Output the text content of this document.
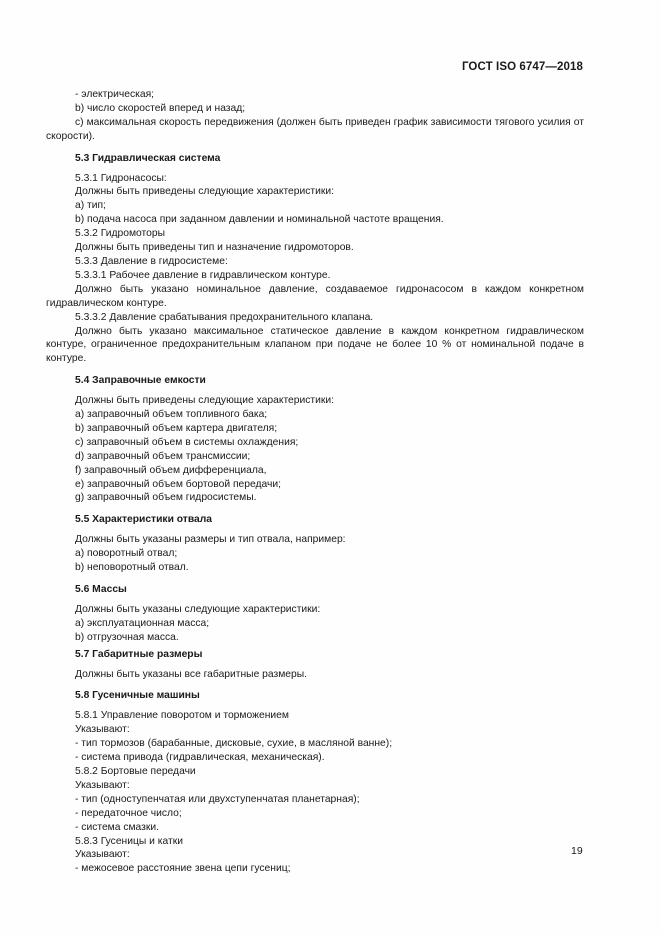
ГОСТ ISO 6747—2018
- электрическая;
b) число скоростей вперед и назад;
c) максимальная скорость передвижения (должен быть приведен график зависимости тягового усилия от скорости).
5.3 Гидравлическая система
5.3.1 Гидронасосы:
Должны быть приведены следующие характеристики:
a) тип;
b) подача насоса при заданном давлении и номинальной частоте вращения.
5.3.2 Гидромоторы
Должны быть приведены тип и назначение гидромоторов.
5.3.3 Давление в гидросистеме:
5.3.3.1 Рабочее давление в гидравлическом контуре.
Должно быть указано номинальное давление, создаваемое гидронасосом в каждом конкретном гидравлическом контуре.
5.3.3.2 Давление срабатывания предохранительного клапана.
Должно быть указано максимальное статическое давление в каждом конкретном гидравлическом контуре, ограниченное предохранительным клапаном при подаче не более 10 % от номинальной подаче в контуре.
5.4 Заправочные емкости
Должны быть приведены следующие характеристики:
a) заправочный объем топливного бака;
b) заправочный объем картера двигателя;
c) заправочный объем в системы охлаждения;
d) заправочный объем трансмиссии;
f) заправочный объем дифференциала,
e) заправочный объем бортовой передачи;
g) заправочный объем гидросистемы.
5.5 Характеристики отвала
Должны быть указаны размеры и тип отвала, например:
a) поворотный отвал;
b) неповоротный отвал.
5.6 Массы
Должны быть указаны следующие характеристики:
a) эксплуатационная масса;
b) отгрузочная масса.
5.7 Габаритные размеры
Должны быть указаны все габаритные размеры.
5.8 Гусеничные машины
5.8.1 Управление поворотом и торможением
Указывают:
- тип тормозов (барабанные, дисковые, сухие, в масляной ванне);
- система привода (гидравлическая, механическая).
5.8.2 Бортовые передачи
Указывают:
- тип (одноступенчатая или двухступенчатая планетарная);
- передаточное число;
- система смазки.
5.8.3 Гусеницы и катки
Указывают:
- межосевое расстояние звена цепи гусениц;
19
